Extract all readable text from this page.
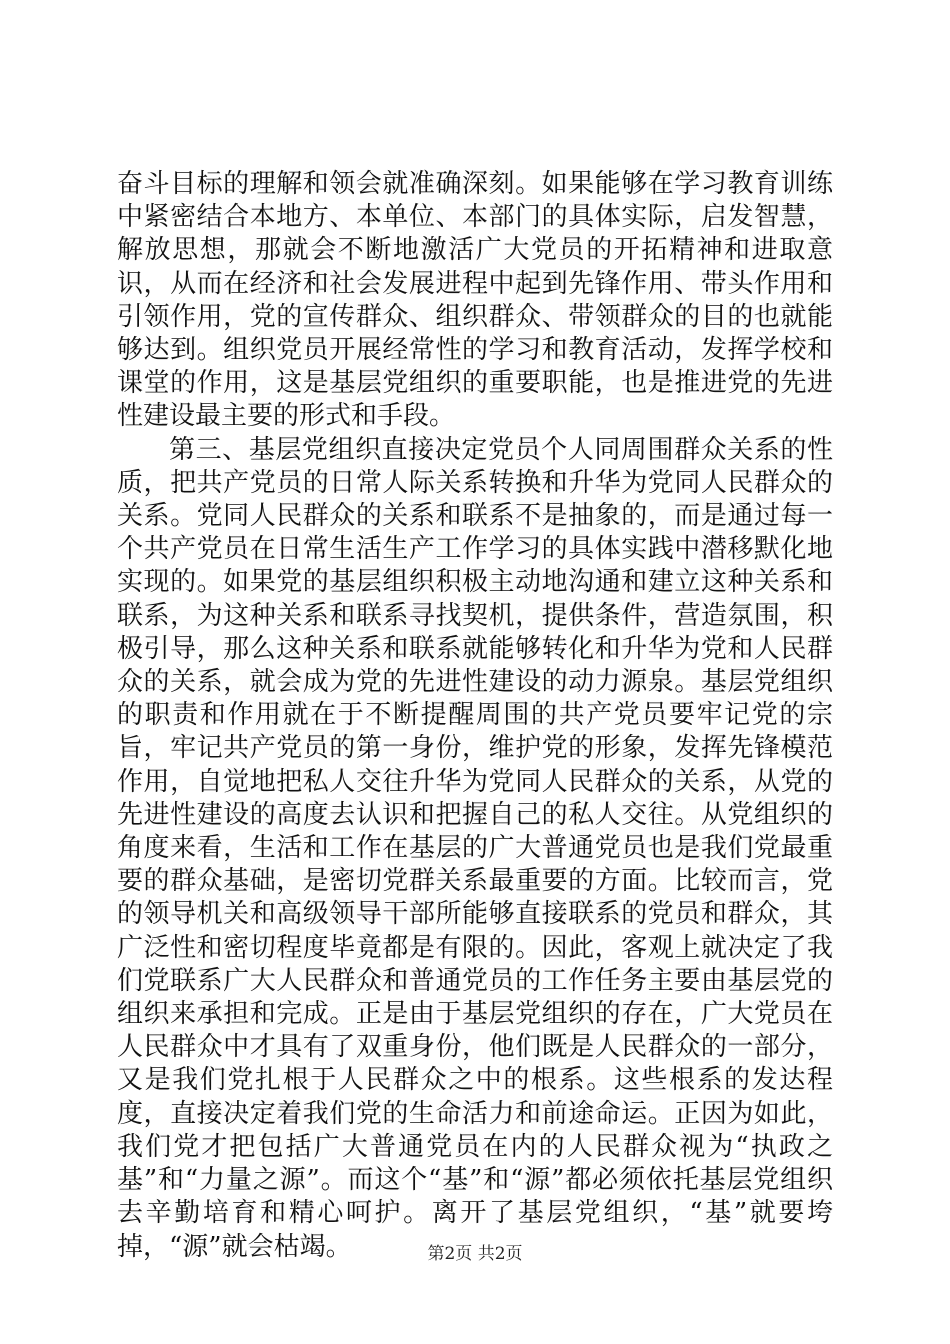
奋斗目标的理解和领会就准确深刻。如果能够在学习教育训练中紧密结合本地方、本单位、本部门的具体实际，启发智慧，解放思想，那就会不断地激活广大党员的开拓精神和进取意识，从而在经济和社会发展进程中起到先锋作用、带头作用和引领作用，党的宣传群众、组织群众、带领群众的目的也就能够达到。组织党员开展经常性的学习和教育活动，发挥学校和课堂的作用，这是基层党组织的重要职能，也是推进党的先进性建设最主要的形式和手段。

第三、基层党组织直接决定党员个人同周围群众关系的性质，把共产党员的日常人际关系转换和升华为党同人民群众的关系。党同人民群众的关系和联系不是抽象的，而是通过每一个共产党员在日常生活生产工作学习的具体实践中潜移默化地实现的。如果党的基层组织积极主动地沟通和建立这种关系和联系，为这种关系和联系寻找契机，提供条件，营造氛围，积极引导，那么这种关系和联系就能够转化和升华为党和人民群众的关系，就会成为党的先进性建设的动力源泉。基层党组织的职责和作用就在于不断提醒周围的共产党员要牢记党的宗旨，牢记共产党员的第一身份，维护党的形象，发挥先锋模范作用，自觉地把私人交往升华为党同人民群众的关系，从党的先进性建设的高度去认识和把握自己的私人交往。从党组织的角度来看，生活和工作在基层的广大普通党员也是我们党最重要的群众基础，是密切党群关系最重要的方面。比较而言，党的领导机关和高级领导干部所能够直接联系的党员和群众，其广泛性和密切程度毕竟都是有限的。因此，客观上就决定了我们党联系广大人民群众和普通党员的工作任务主要由基层党的组织来承担和完成。正是由于基层党组织的存在，广大党员在人民群众中才具有了双重身份，他们既是人民群众的一部分，又是我们党扎根于人民群众之中的根系。这些根系的发达程度，直接决定着我们党的生命活力和前途命运。正因为如此，我们党才把包括广大普通党员在内的人民群众视为“执政之基”和“力量之源”。而这个“基”和“源”都必须依托基层党组织去辛勤培育和精心呵护。离开了基层党组织，“基”就要垮掉，“源”就会枯竭。	第2页 共2页
